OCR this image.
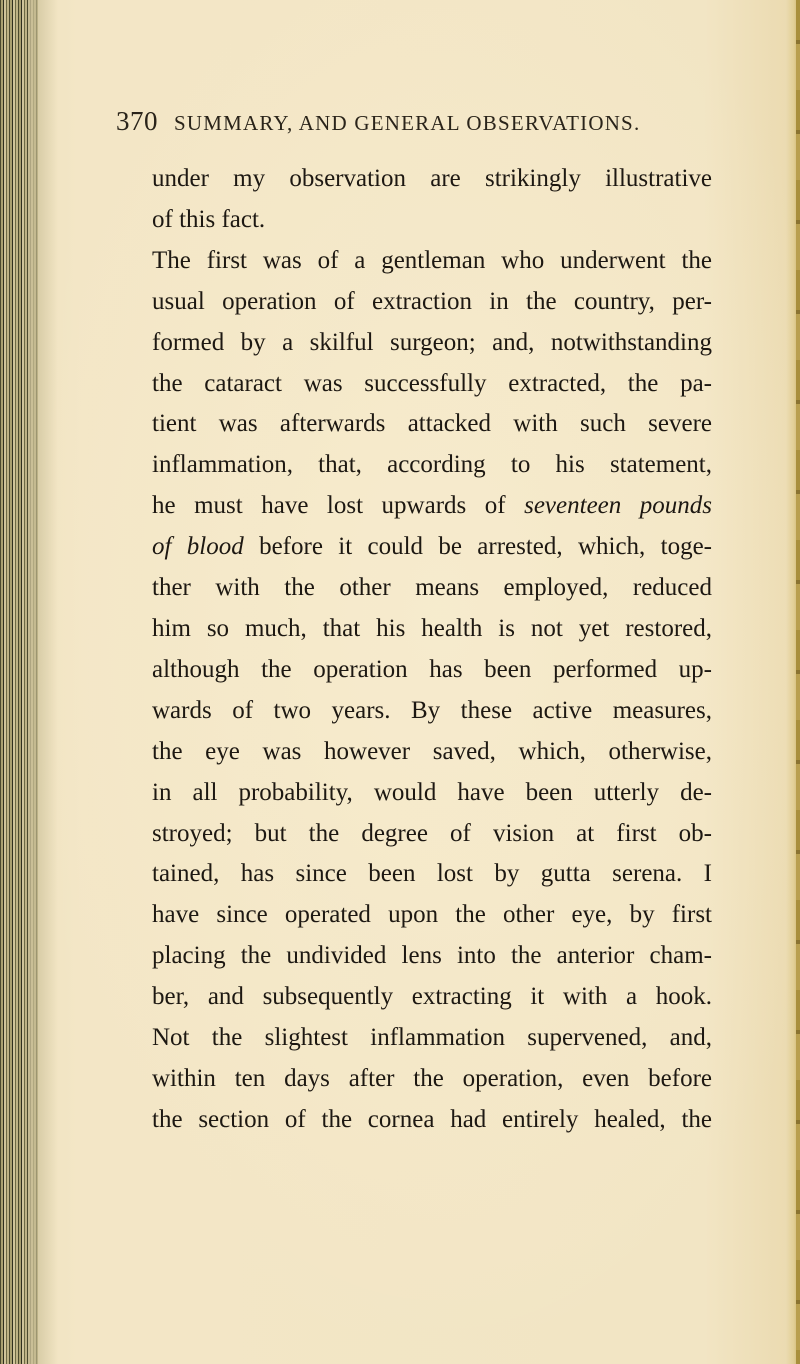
370 SUMMARY, AND GENERAL OBSERVATIONS.
under my observation are strikingly illustrative
of this fact.
The first was of a gentleman who underwent the
usual operation of extraction in the country, per-
formed by a skilful surgeon; and, notwithstanding
the cataract was successfully extracted, the pa-
tient was afterwards attacked with such severe
inflammation, that, according to his statement,
he must have lost upwards of seventeen pounds
of blood before it could be arrested, which, toge-
ther with the other means employed, reduced
him so much, that his health is not yet restored,
although the operation has been performed up-
wards of two years. By these active measures,
the eye was however saved, which, otherwise,
in all probability, would have been utterly de-
stroyed; but the degree of vision at first ob-
tained, has since been lost by gutta serena. I
have since operated upon the other eye, by first
placing the undivided lens into the anterior cham-
ber, and subsequently extracting it with a hook.
Not the slightest inflammation supervened, and,
within ten days after the operation, even before
the section of the cornea had entirely healed, the
